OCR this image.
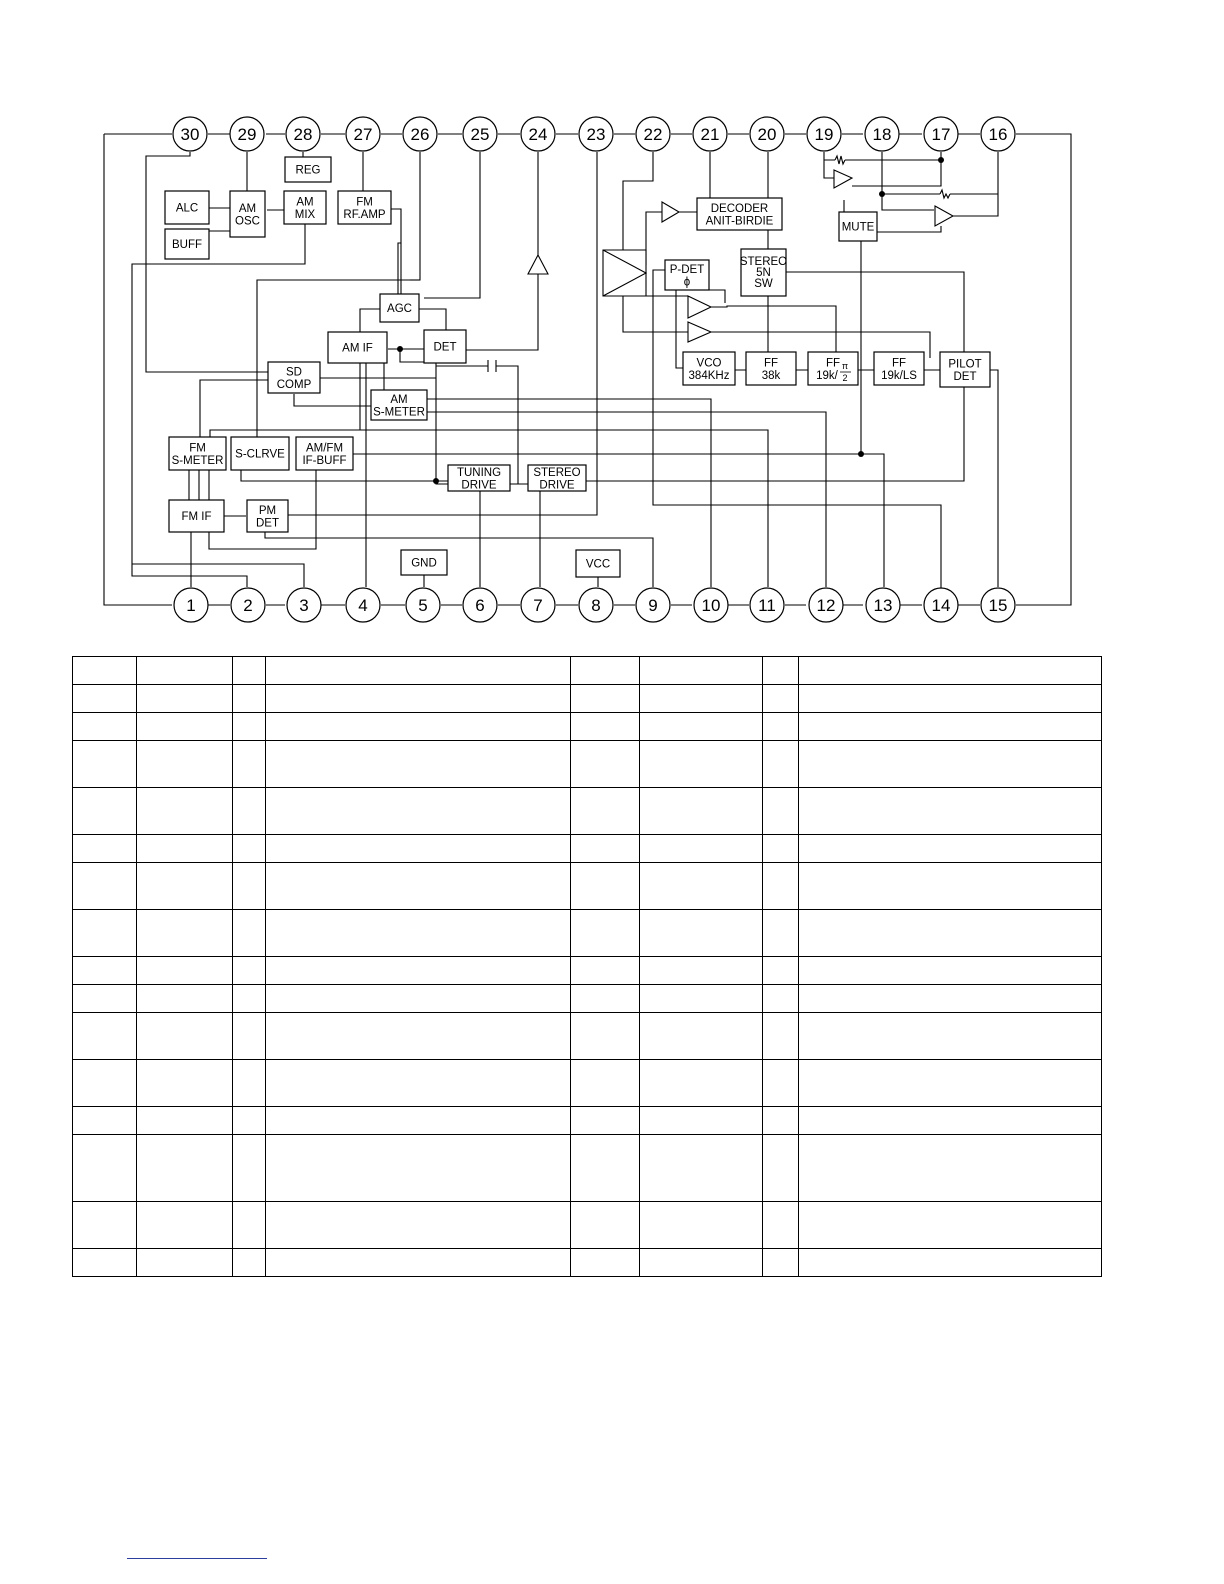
ALC
BUFF
AM
OSC
AM
MIX
FM
RF.AMP
REG
AGC
AM IF	DET
SD
COMP
AM
S-METER
FM
S-METER
S-CLRVE
AM/FM
IF-BUFF
FM IF
PM
DET
TUNING
DRIVE
STEREO
DRIVE
GND	VCC
DECODER
ANIT-BIRDIE
STEREO
5N
SW
MUTE
P-DET
ϕ
VCO
384KHz
FF
38k
FF
19k/
FF
19k/LS
PILOT
DET
30 29 28 27 26 25 24 23 22 21 20 19 18 17 16
1	2	3	4	5	6	7	8	9	10 11 12 13 14 15
π
2
